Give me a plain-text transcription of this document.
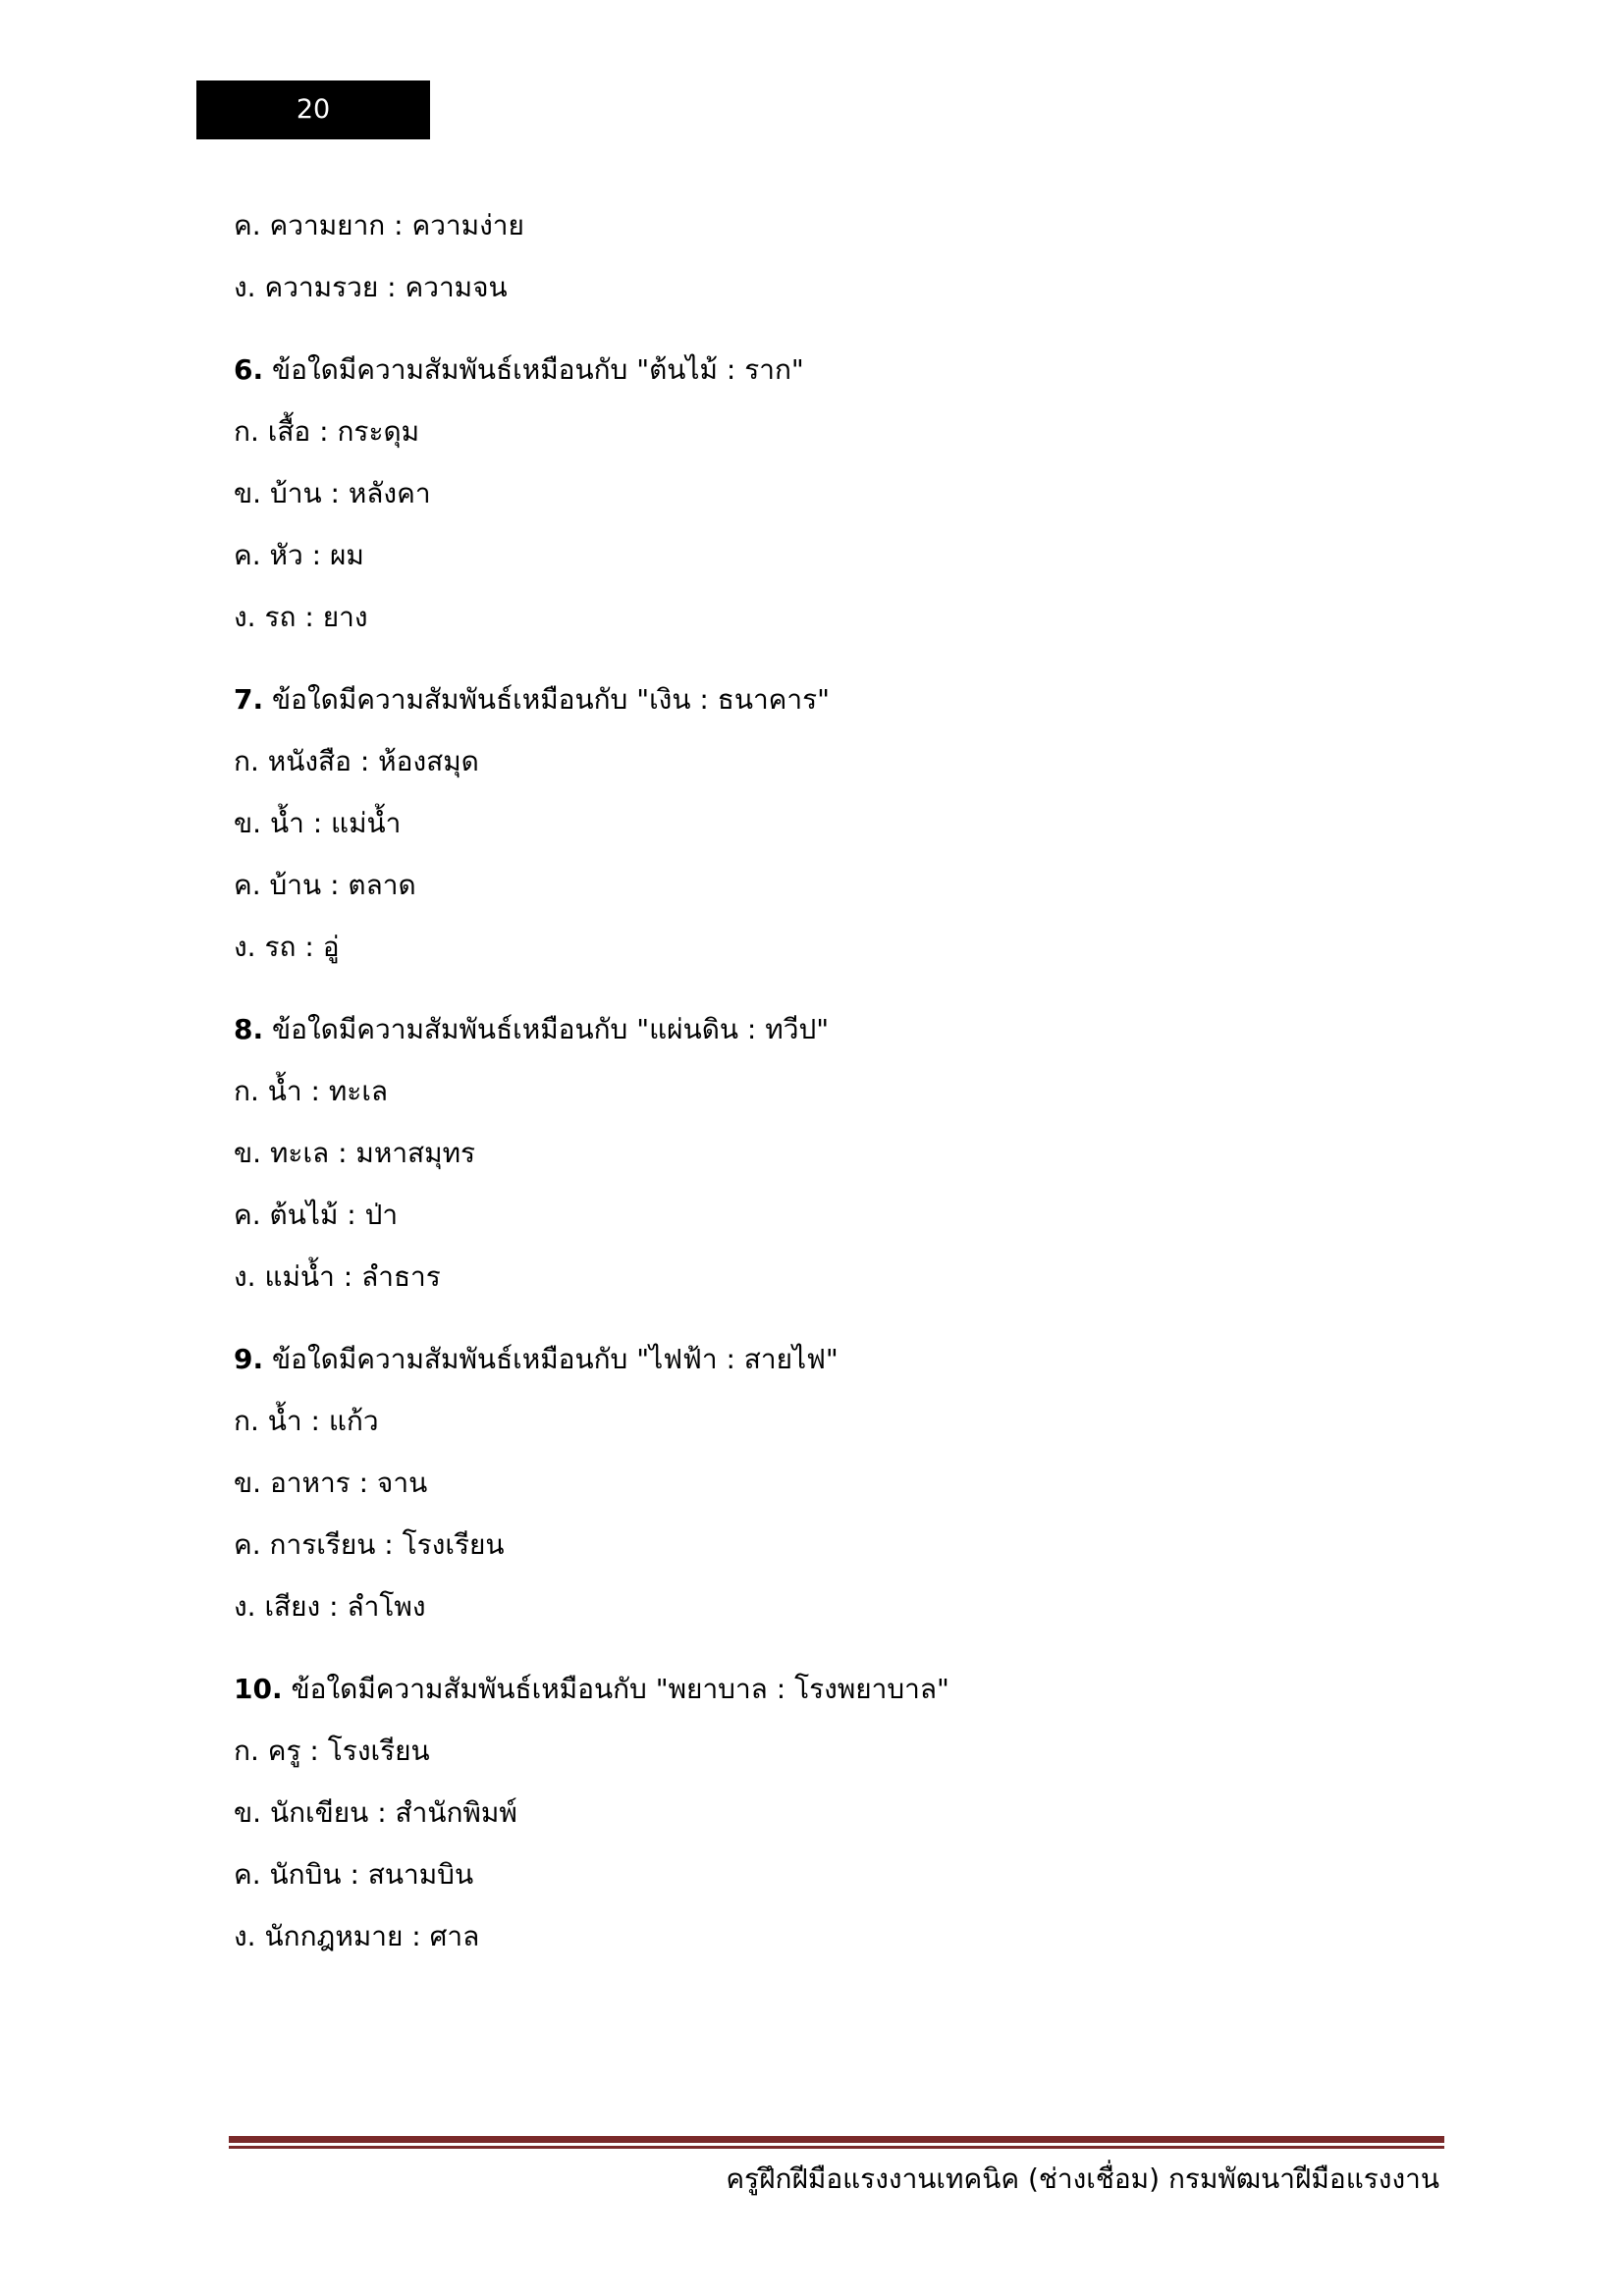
20
ค. ความยาก : ความง่าย
ง. ความรวย : ความจน
6. ข้อใดมีความสัมพันธ์เหมือนกับ "ต้นไม้ : ราก"
ก. เสื้อ : กระดุม
ข. บ้าน : หลังคา
ค. หัว : ผม
ง. รถ : ยาง
7. ข้อใดมีความสัมพันธ์เหมือนกับ "เงิน : ธนาคาร"
ก. หนังสือ : ห้องสมุด
ข. น้ำ : แม่น้ำ
ค. บ้าน : ตลาด
ง. รถ : อู่
8. ข้อใดมีความสัมพันธ์เหมือนกับ "แผ่นดิน : ทวีป"
ก. น้ำ : ทะเล
ข. ทะเล : มหาสมุทร
ค. ต้นไม้ : ป่า
ง. แม่น้ำ : ลำธาร
9. ข้อใดมีความสัมพันธ์เหมือนกับ "ไฟฟ้า : สายไฟ"
ก. น้ำ : แก้ว
ข. อาหาร : จาน
ค. การเรียน : โรงเรียน
ง. เสียง : ลำโพง
10. ข้อใดมีความสัมพันธ์เหมือนกับ "พยาบาล : โรงพยาบาล"
ก. ครู : โรงเรียน
ข. นักเขียน : สำนักพิมพ์
ค. นักบิน : สนามบิน
ง. นักกฎหมาย : ศาล
ครูฝึกฝีมือแรงงานเทคนิค (ช่างเชื่อม) กรมพัฒนาฝีมือแรงงาน
